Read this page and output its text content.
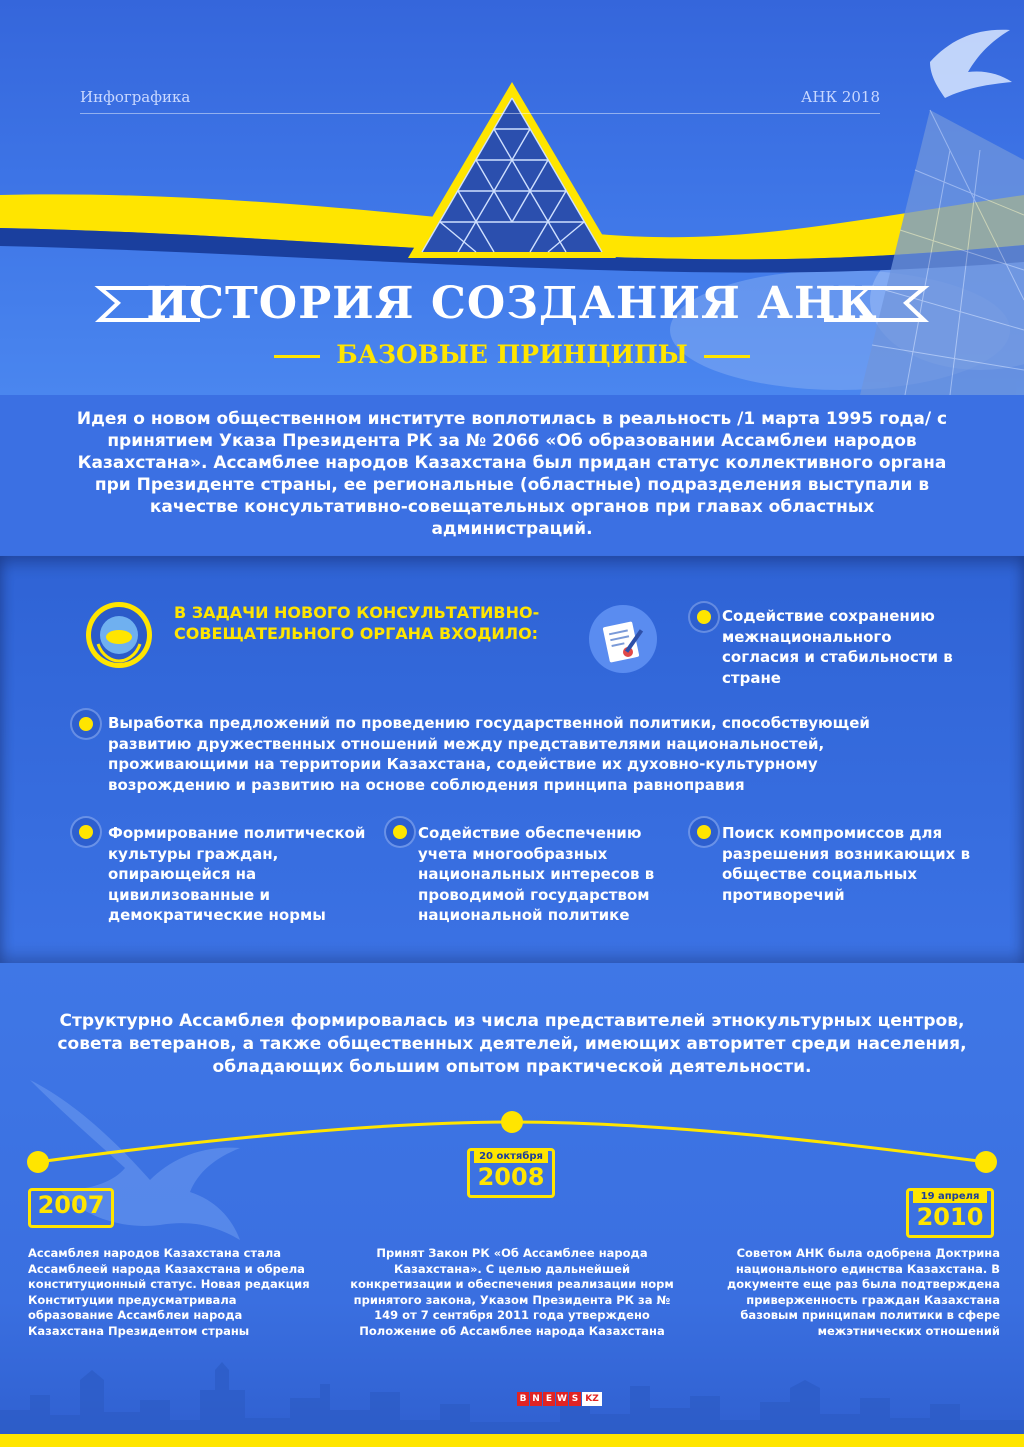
Инфографика	АНК 2018
ИСТОРИЯ СОЗДАНИЯ АНК
БАЗОВЫЕ ПРИНЦИПЫ
Идея о новом общественном институте воплотилась в реальность /1 марта 1995 года/ с принятием Указа Президента РК за № 2066 «Об образовании Ассамблеи народов Казахстана». Ассамблее народов Казахстана был придан статус коллективного органа при Президенте страны, ее региональные (областные) подразделения выступали в качестве консультативно-совещательных органов при главах областных администраций.
В ЗАДАЧИ НОВОГО КОНСУЛЬТАТИВНО-СОВЕЩАТЕЛЬНОГО ОРГАНА ВХОДИЛО:
Содействие сохранению межнационального согласия и стабильности в стране
Выработка предложений по проведению государственной политики, способствующей развитию дружественных отношений между представителями национальностей, проживающими на территории Казахстана, содействие их духовно-культурному возрождению и развитию на основе соблюдения принципа равноправия
Формирование политической культуры граждан, опирающейся на цивилизованные и демократические нормы
Содействие обеспечению учета многообразных национальных интересов в проводимой государством национальной политике
Поиск компромиссов для разрешения возникающих в обществе социальных противоречий
Структурно Ассамблея формировалась из числа представителей этнокультурных центров, совета ветеранов, а также общественных деятелей, имеющих авторитет среди населения, обладающих большим опытом практической деятельности.
2007
Ассамблея народов Казахстана стала Ассамблеей народа Казахстана и обрела конституционный статус. Новая редакция Конституции предусматривала образование Ассамблеи народа Казахстана Президентом страны
20 октября
2008
Принят Закон РК «Об Ассамблее народа Казахстана». С целью дальнейшей конкретизации и обеспечения реализации норм принятого закона, Указом Президента РК за № 149 от 7 сентября 2011 года утверждено Положение об Ассамблее народа Казахстана
19 апреля
2010
Советом АНК была одобрена Доктрина национального единства Казахстана. В документе еще раз была подтверждена приверженность граждан Казахстана базовым принципам политики в сфере межэтнических отношений
B N E W S KZ
